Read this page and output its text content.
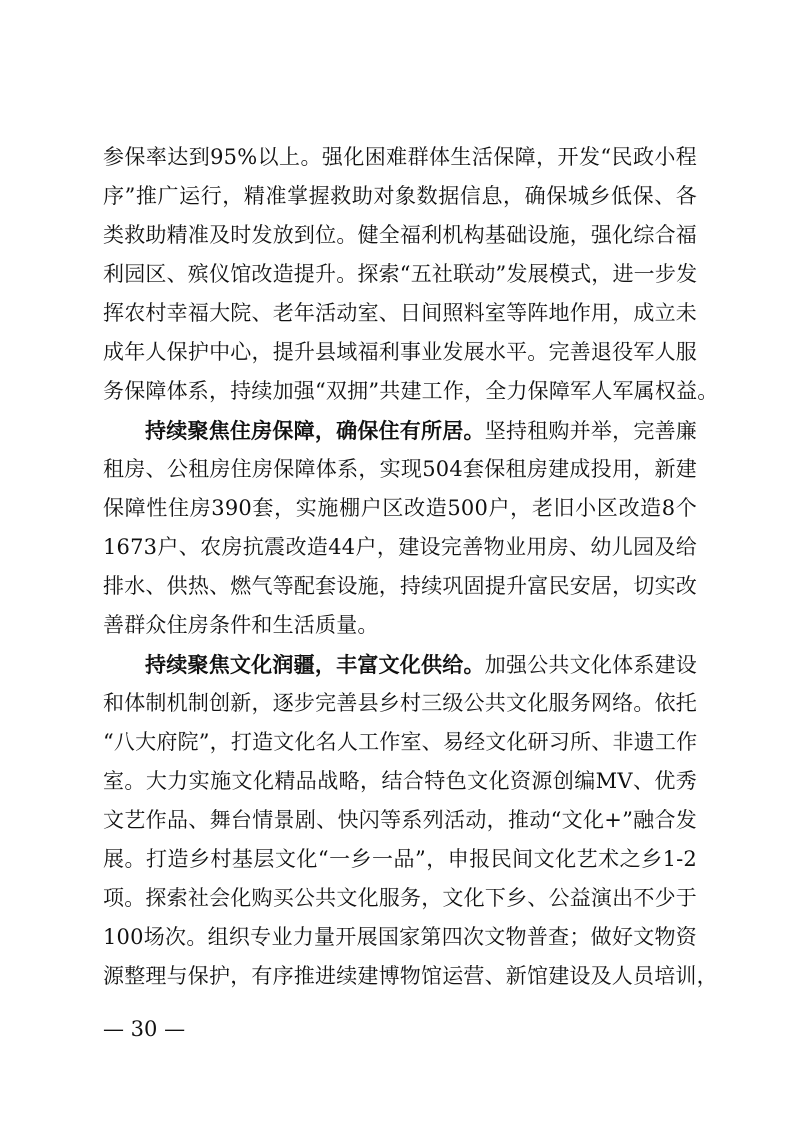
参保率达到95%以上。强化困难群体生活保障，开发“民政小程
序”推广运行，精准掌握救助对象数据信息，确保城乡低保、各
类救助精准及时发放到位。健全福利机构基础设施，强化综合福
利园区、殡仪馆改造提升。探索“五社联动”发展模式，进一步发
挥农村幸福大院、老年活动室、日间照料室等阵地作用，成立未
成年人保护中心，提升县域福利事业发展水平。完善退役军人服
务保障体系，持续加强“双拥”共建工作，全力保障军人军属权益。
持续聚焦住房保障，确保住有所居。坚持租购并举，完善廉
租房、公租房住房保障体系，实现504套保租房建成投用，新建
保障性住房390套，实施棚户区改造500户，老旧小区改造8个
1673户、农房抗震改造44户，建设完善物业用房、幼儿园及给
排水、供热、燃气等配套设施，持续巩固提升富民安居，切实改
善群众住房条件和生活质量。
持续聚焦文化润疆，丰富文化供给。加强公共文化体系建设
和体制机制创新，逐步完善县乡村三级公共文化服务网络。依托
“八大府院”，打造文化名人工作室、易经文化研习所、非遗工作
室。大力实施文化精品战略，结合特色文化资源创编MV、优秀
文艺作品、舞台情景剧、快闪等系列活动，推动“文化+”融合发
展。打造乡村基层文化“一乡一品”，申报民间文化艺术之乡1-2
项。探索社会化购买公共文化服务，文化下乡、公益演出不少于
100场次。组织专业力量开展国家第四次文物普查；做好文物资
源整理与保护，有序推进续建博物馆运营、新馆建设及人员培训，
— 30 —
